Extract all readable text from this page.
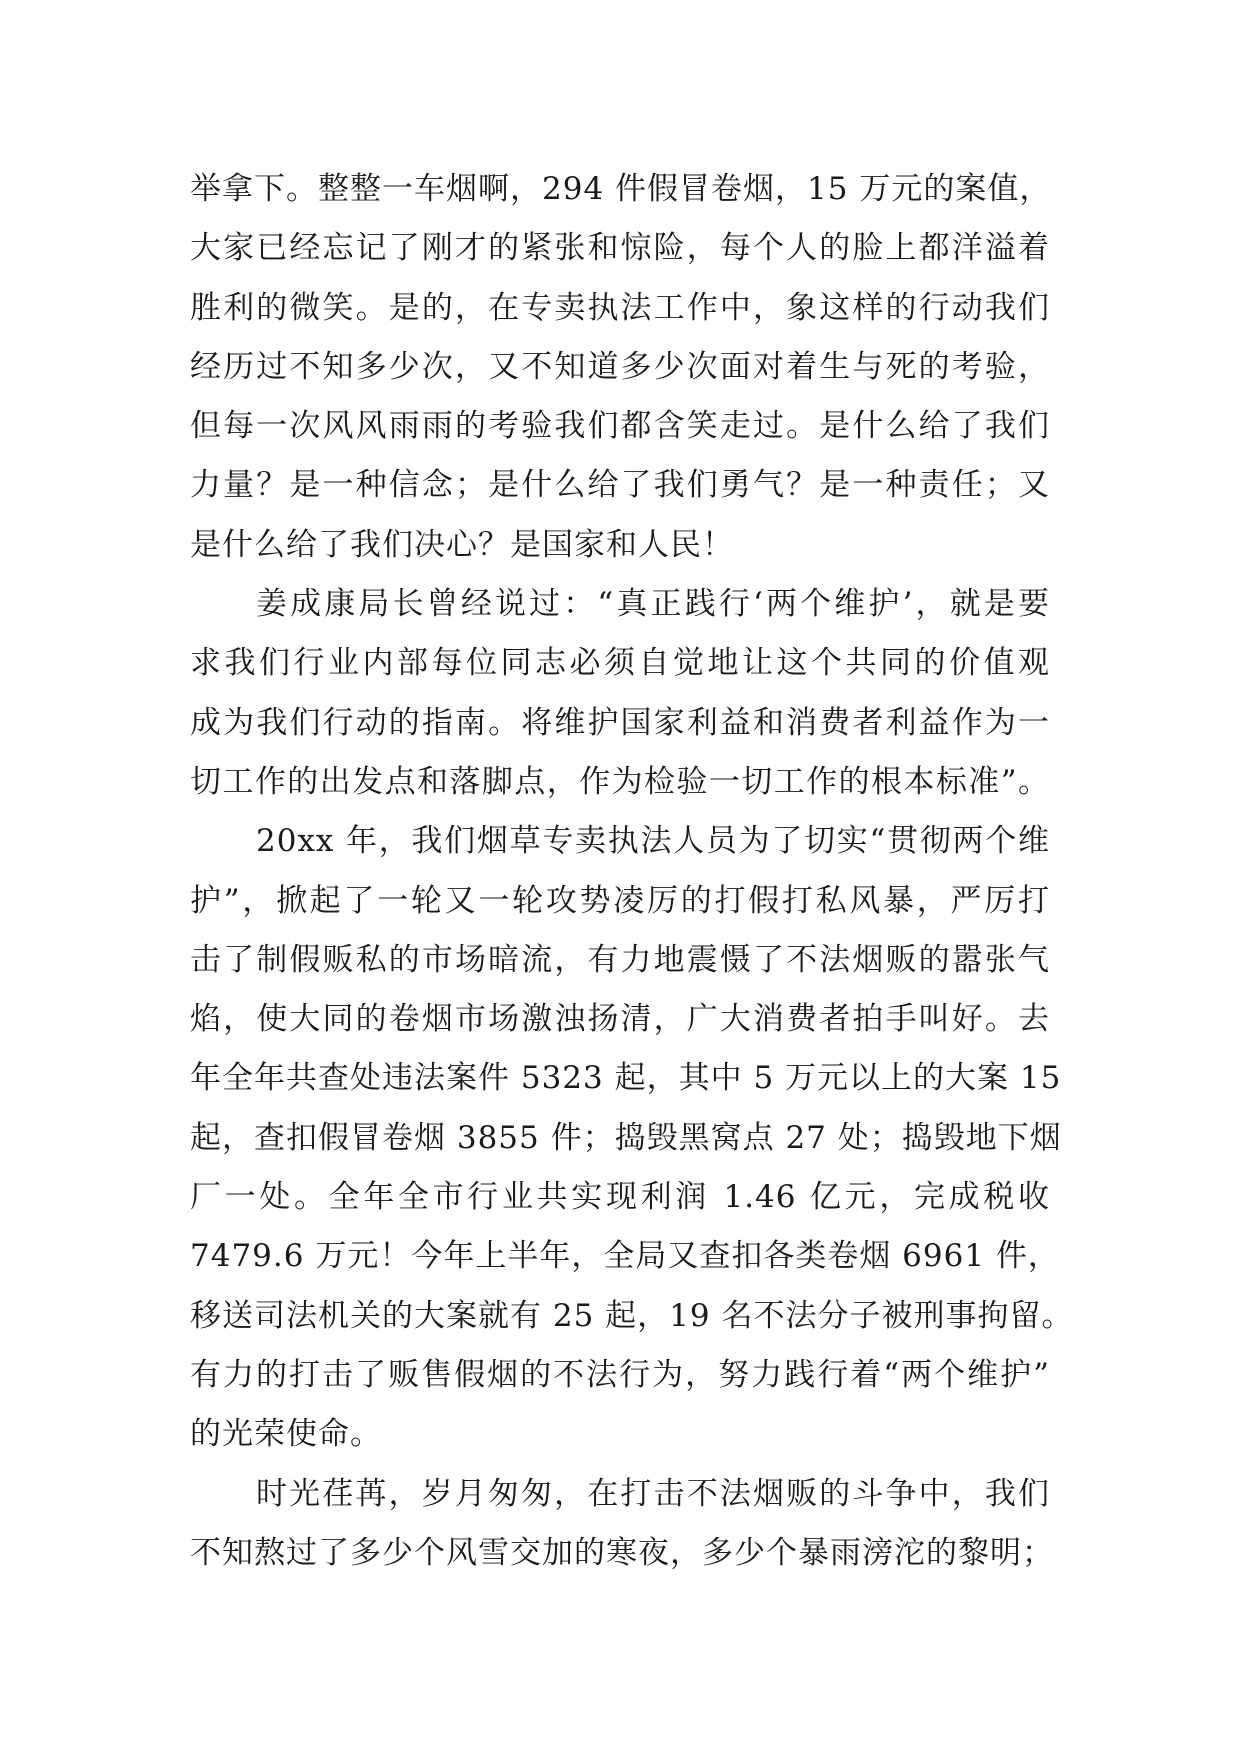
举拿下。整整一车烟啊，294 件假冒卷烟，15 万元的案值，
大家已经忘记了刚才的紧张和惊险，每个人的脸上都洋溢着
胜利的微笑。是的，在专卖执法工作中，象这样的行动我们
经历过不知多少次，又不知道多少次面对着生与死的考验，
但每一次风风雨雨的考验我们都含笑走过。是什么给了我们
力量？是一种信念；是什么给了我们勇气？是一种责任；又
是什么给了我们决心？是国家和人民！
姜成康局长曾经说过：“真正践行‘两个维护’，就是要
求我们行业内部每位同志必须自觉地让这个共同的价值观
成为我们行动的指南。将维护国家利益和消费者利益作为一
切工作的出发点和落脚点，作为检验一切工作的根本标准”。
20xx 年，我们烟草专卖执法人员为了切实“贯彻两个维
护”，掀起了一轮又一轮攻势凌厉的打假打私风暴，严厉打
击了制假贩私的市场暗流，有力地震慑了不法烟贩的嚣张气
焰，使大同的卷烟市场激浊扬清，广大消费者拍手叫好。去
年全年共查处违法案件 5323 起，其中 5 万元以上的大案 15
起，查扣假冒卷烟 3855 件；捣毁黑窝点 27 处；捣毁地下烟
厂一处。全年全市行业共实现利润 1.46 亿元，完成税收
7479.6 万元！今年上半年，全局又查扣各类卷烟 6961 件，
移送司法机关的大案就有 25 起，19 名不法分子被刑事拘留。
有力的打击了贩售假烟的不法行为，努力践行着“两个维护”
的光荣使命。
时光荏苒，岁月匆匆，在打击不法烟贩的斗争中，我们
不知熬过了多少个风雪交加的寒夜，多少个暴雨滂沱的黎明；
